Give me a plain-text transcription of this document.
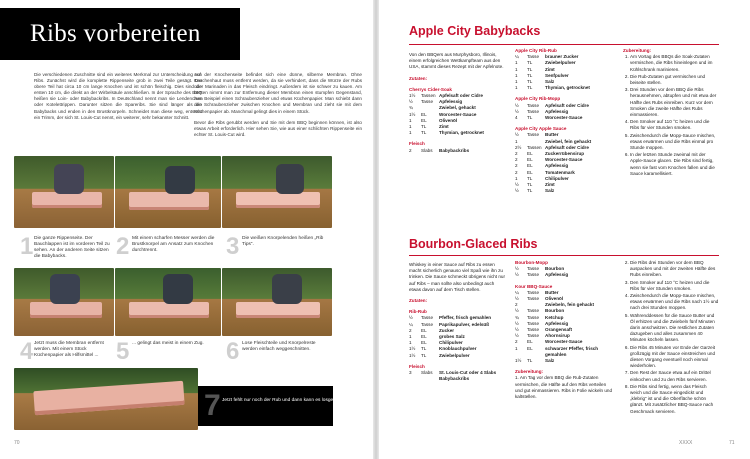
Ribs vorbereiten

Die verschiedenen Zuschnitte sind ein weiteres Merkmal zur Unterscheidung von Ribs. Zunächst wird die komplette Rippenseite grob in zwei Teile gesägt. Der obere Teil hat circa 10 cm lange Knochen und ist schön fleischig. Dies sind die ersten 10 cm, die direkt an der Wirbelsäule anschließen. In der Sprache des BBQ heißen sie Loin- oder Babybackribs. In Deutschland nennt man sie Lendenchen oder Kotelettrippen. Darunter sitzen die Spareribs. Sie sind länger als die Babybacks und enden in den Brustknorpeln. Schneidet man diese weg, entsteht ein Trimm, der sich St. Louis-Cut nennt, ein weiterer, sehr bekannter Schnitt.

Auf der Knochenseite befindet sich eine dünne, silberne Membran. Ohne Knochenhaut muss entfernt werden, da sie verhindert, dass die Würze der Rubs oder Marinaden in das Fleisch eindringt. Außerdem ist sie schwer zu kauen. Am besten nimmt man zur Entfernung dieser Membran einen stumpfen Gegenstand, zum Beispiel einen Schraubenzieher und etwas Küchenpapier. Man schiebt dann den Schraubenzieher zwischen Knochen und Membran und zieht sie mit dem Küchenpapier ab. Manchmal gelingt dies in einem Stück.

Bevor die Ribs gerubbt werden und Sie mit dem BBQ beginnen können, ist also etwas Arbeit erforderlich. Hier sehen Sie, wie aus einer schlichten Rippenseite ein echter St. Louis-Cut wird.

1 Die ganze Rippenseite. Der Bauchlappen ist im vorderen Teil zu sehen. An der anderen Seite sitzen die Babybacks.	2 Mit einem scharfen Messer werden die Brustknorpel am Ansatz zum Knochen durchtrennt.	3 Die weißen Knorpelenden heißen „Rib Tips“.
4 Jetzt muss die Membran entfernt werden. Mit einem Stück Küchenpapier als Hilfsmittel ... 5 ... gelingt das meist in einem Zug. 6 Lose Fleischteile und Knorpelreste werden einfach weggeschnitten.
7 Jetzt fehlt nur noch der Rub und dann kann es losgehen.
70
Apple City Babybacks

Von den BBQers aus Murphysboro, Illinois, einem erfolgreichen Wettkampfteam aus den USA, stammt dieses Rezept mit der Apfelnote.

Zutaten:
Cherrys Cider-Soak
1½	Tassen	Apfelsaft oder Cidre
½	Tasse	Apfelessig
¾		Zwiebel, gehackt
1½	EL	Worcester-Sauce
1	EL	Olivenöl
1	TL	Zimt
1	TL	Thymian, getrocknet
Fleisch
2	Slabs	Babybackribs
Apple City Rib-Rub
¼	Tasse	brauner Zucker
1	TL	Zwiebelpulver
1	TL	Zimt
1	TL	Senfpulver
1	TL	Salz
1	TL	Thymian, getrocknet
Apple City Rib-Mopp
½	Tasse	Apfelsaft oder Cidre
½	Tasse	Apfelessig
4	TL	Worcester-Sauce
Apple City Apple Sauce
½	Tasse	Butter
1		Zwiebel, fein gehackt
2½	Tassen	Apfelsaft oder Cidre
2	EL	Zuckerrübensirup
2	EL	Worcester-Sauce
2	EL	Apfelessig
2	EL	Tomatenmark
1	TL	Chilipulver
½	TL	Zimt
½	TL	Salz
Zubereitung:
1. Am Vortag des BBQs die Soak-Zutaten vermischen, die Ribs hineinlegen und im Kühlschrank marinieren.
2. Die Rub-Zutaten gut vermischen und beiseite stellen.
3. Drei Stunden vor dem BBQ die Ribs herausnehmen, abtupfen und mit etwa der Hälfte des Rubs einreiben. Kurz vor dem Smoken die zweite Hälfte des Rubs einmassieren.
4. Den Smoker auf 110 °C heizen und die Ribs für vier Stunden smoken.
5. Zwischendurch die Mopp-Sauce mischen, etwas erwärmen und die Ribs einmal pro Stunde moppen.
6. In der letzten Stunde zweimal mit der Apple-Sauce glacen. Die Ribs sind fertig, wenn sie fast vom Knochen fallen und die Sauce karamellisiert.
Bourbon-Glaced Ribs

Whiskey in einer Sauce auf Ribs zu essen macht sicherlich genauso viel Spaß wie ihn zu trinken. Die Sauce schmeckt übrigens nicht nur auf Ribs – man sollte also unbedingt auch etwas davon auf dem Tisch stellen.

Zutaten:
Rib-Rub
½	Tasse	Pfeffer, frisch gemahlen
¼	Tasse	Paprikapulver, edelsüß
2	EL	Zucker
1	EL	grobes Salz
1	EL	Chilipulver
1½	TL	Knoblauchpulver
1½	TL	Zwiebelpulver
Fleisch
3	Slabs	St. Louis-Cut oder 4 Slabs Babybackribs
Bourbon-Mopp
½	Tasse	Bourbon
½	Tasse	Apfelessig
Kour BBQ-Sauce
¼	Tasse	Butter
½	Tasse	Olivenöl
2		Zwiebeln, fein gehackt
½	Tasse	Bourbon
¾	Tasse	Ketchup
½	Tasse	Apfelessig
½	Tasse	Orangensaft
½	Tasse	Ahornsirup
2	EL	Worcester-Sauce
1	EL	schwarzer Pfeffer, frisch gemahlen
1½	TL	Salz
Zubereitung:

1. Am Tag vor dem BBQ die Rub-Zutaten vermischen, die Hälfte auf den Ribs verteilen und gut einmassieren. Ribs in Folie wickeln und kaltstellen.

2. Die Ribs drei Stunden vor dem BBQ auspacken und mit der zweiten Hälfte des Rubs einreiben.
3. Den Smoker auf 110 °C heizen und die Ribs für vier Stunden smoken.
4. Zwischendurch die Mopp-Sauce mischen, etwas erwärmen und die Ribs nach 1½ und nach drei Stunden moppen.
5. Währenddessen für die Sauce Butter und Öl erhitzen und die Zwiebeln fünf Minuten darin anschwitzen. Die restlichen Zutaten dazugeben und alles zusammen 40 Minuten köcheln lassen.
6. Die Ribs 45 Minuten vor Ende der Garzeit großzügig mit der Sauce einstreichen und diesen Vorgang eventuell noch einmal wiederholen.
7. Den Rest der Sauce etwa auf ein Drittel einkochen und zu den Ribs servieren.
8. Die Ribs sind fertig, wenn das Fleisch weich und die Sauce eingedickt und „klebrig“ ist und die Oberfläche schön glänzt. Mit zusätzlicher BBQ-Sauce nach Geschmack servieren.
XXXX	71
